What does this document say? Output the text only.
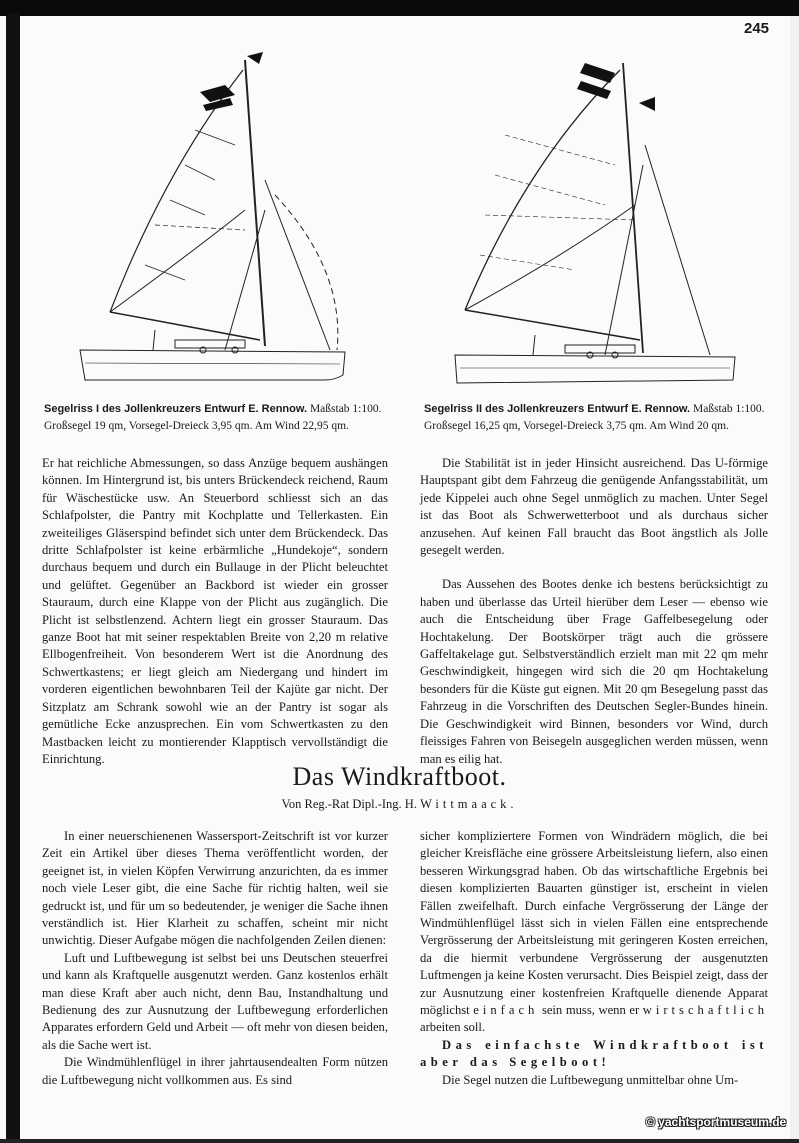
245
Segelriss I des Jollenkreuzers Entwurf E. Rennow. Maßstab 1:100.
Großsegel 19 qm, Vorsegel-Dreieck 3,95 qm. Am Wind 22,95 qm.
Segelriss II des Jollenkreuzers Entwurf E. Rennow. Maßstab 1:100.
Großsegel 16,25 qm, Vorsegel-Dreieck 3,75 qm. Am Wind 20 qm.

Er hat reichliche Abmessungen, so dass Anzüge bequem aushängen können. Im Hintergrund ist, bis unters Brückendeck reichend, Raum für Wäschestücke usw. An Steuerbord schliesst sich an das Schlafpolster, die Pantry mit Kochplatte und Tellerkasten. Ein zweiteiliges Gläserspind befindet sich unter dem Brückendeck. Das dritte Schlafpolster ist keine erbärmliche „Hundekoje“, sondern durchaus bequem und durch ein Bullauge in der Plicht beleuchtet und gelüftet. Gegenüber an Backbord ist wieder ein grosser Stauraum, durch eine Klappe von der Plicht aus zugänglich. Die Plicht ist selbstlenzend. Achtern liegt ein grosser Stauraum. Das ganze Boot hat mit seiner respektablen Breite von 2,20 m relative Ellbogenfreiheit. Von besonderem Wert ist die Anordnung des Schwertkastens; er liegt gleich am Niedergang und hindert im vorderen eigentlichen bewohnbaren Teil der Kajüte gar nicht. Der Sitzplatz am Schrank sowohl wie an der Pantry ist sogar als gemütliche Ecke anzusprechen. Ein vom Schwertkasten zu den Mastbacken leicht zu montierender Klapptisch vervollständigt die Einrichtung.

Die Stabilität ist in jeder Hinsicht ausreichend. Das U-förmige Hauptspant gibt dem Fahrzeug die genügende Anfangsstabilität, um jede Kippelei auch ohne Segel unmöglich zu machen. Unter Segel ist das Boot als Schwerwetterboot und als durchaus sicher anzusehen. Auf keinen Fall braucht das Boot ängstlich als Jolle gesegelt werden.

Das Aussehen des Bootes denke ich bestens berücksichtigt zu haben und überlasse das Urteil hierüber dem Leser — ebenso wie auch die Entscheidung über Frage Gaffelbesegelung oder Hochtakelung. Der Bootskörper trägt auch die grössere Gaffeltakelage gut. Selbstverständlich erzielt man mit 22 qm mehr Geschwindigkeit, hingegen wird sich die 20 qm Hochtakelung besonders für die Küste gut eignen. Mit 20 qm Besegelung passt das Fahrzeug in die Vorschriften des Deutschen Segler-Bundes hinein. Die Geschwindigkeit wird Binnen, besonders vor Wind, durch fleissiges Fahren von Beisegeln ausgeglichen werden müssen, wenn man es eilig hat.

Das Windkraftboot.
Von Reg.-Rat Dipl.-Ing. H. Wittmaack.

In einer neuerschienenen Wassersport-Zeitschrift ist vor kurzer Zeit ein Artikel über dieses Thema veröffentlicht worden, der geeignet ist, in vielen Köpfen Verwirrung anzurichten, da es immer noch viele Leser gibt, die eine Sache für richtig halten, weil sie gedruckt ist, und für um so bedeutender, je weniger die Sache ihnen verständlich ist. Hier Klarheit zu schaffen, scheint mir nicht unwichtig. Dieser Aufgabe mögen die nachfolgenden Zeilen dienen:

Luft und Luftbewegung ist selbst bei uns Deutschen steuerfrei und kann als Kraftquelle ausgenutzt werden. Ganz kostenlos erhält man diese Kraft aber auch nicht, denn Bau, Instandhaltung und Bedienung des zur Ausnutzung der Luftbewegung erforderlichen Apparates erfordern Geld und Arbeit — oft mehr von diesen beiden, als die Sache wert ist.

Die Windmühlenflügel in ihrer jahrtausendealten Form nützen die Luftbewegung nicht vollkommen aus. Es sind

sicher kompliziertere Formen von Windrädern möglich, die bei gleicher Kreisfläche eine grössere Arbeitsleistung liefern, also einen besseren Wirkungsgrad haben. Ob das wirtschaftliche Ergebnis bei diesen komplizierten Bauarten günstiger ist, erscheint in vielen Fällen zweifelhaft. Durch einfache Vergrösserung der Länge der Windmühlenflügel lässt sich in vielen Fällen eine entsprechende Vergrösserung der Arbeitsleistung mit geringeren Kosten erreichen, da die hiermit verbundene Vergrösserung der ausgenutzten Luftmengen ja keine Kosten verursacht. Dies Beispiel zeigt, dass der zur Ausnutzung einer kostenfreien Kraftquelle dienende Apparat möglichst einfach sein muss, wenn er wirtschaftlich arbeiten soll.

Das einfachste Windkraftboot ist aber das Segelboot!

Die Segel nutzen die Luftbewegung unmittelbar ohne Um-

© yachtsportmuseum.de
